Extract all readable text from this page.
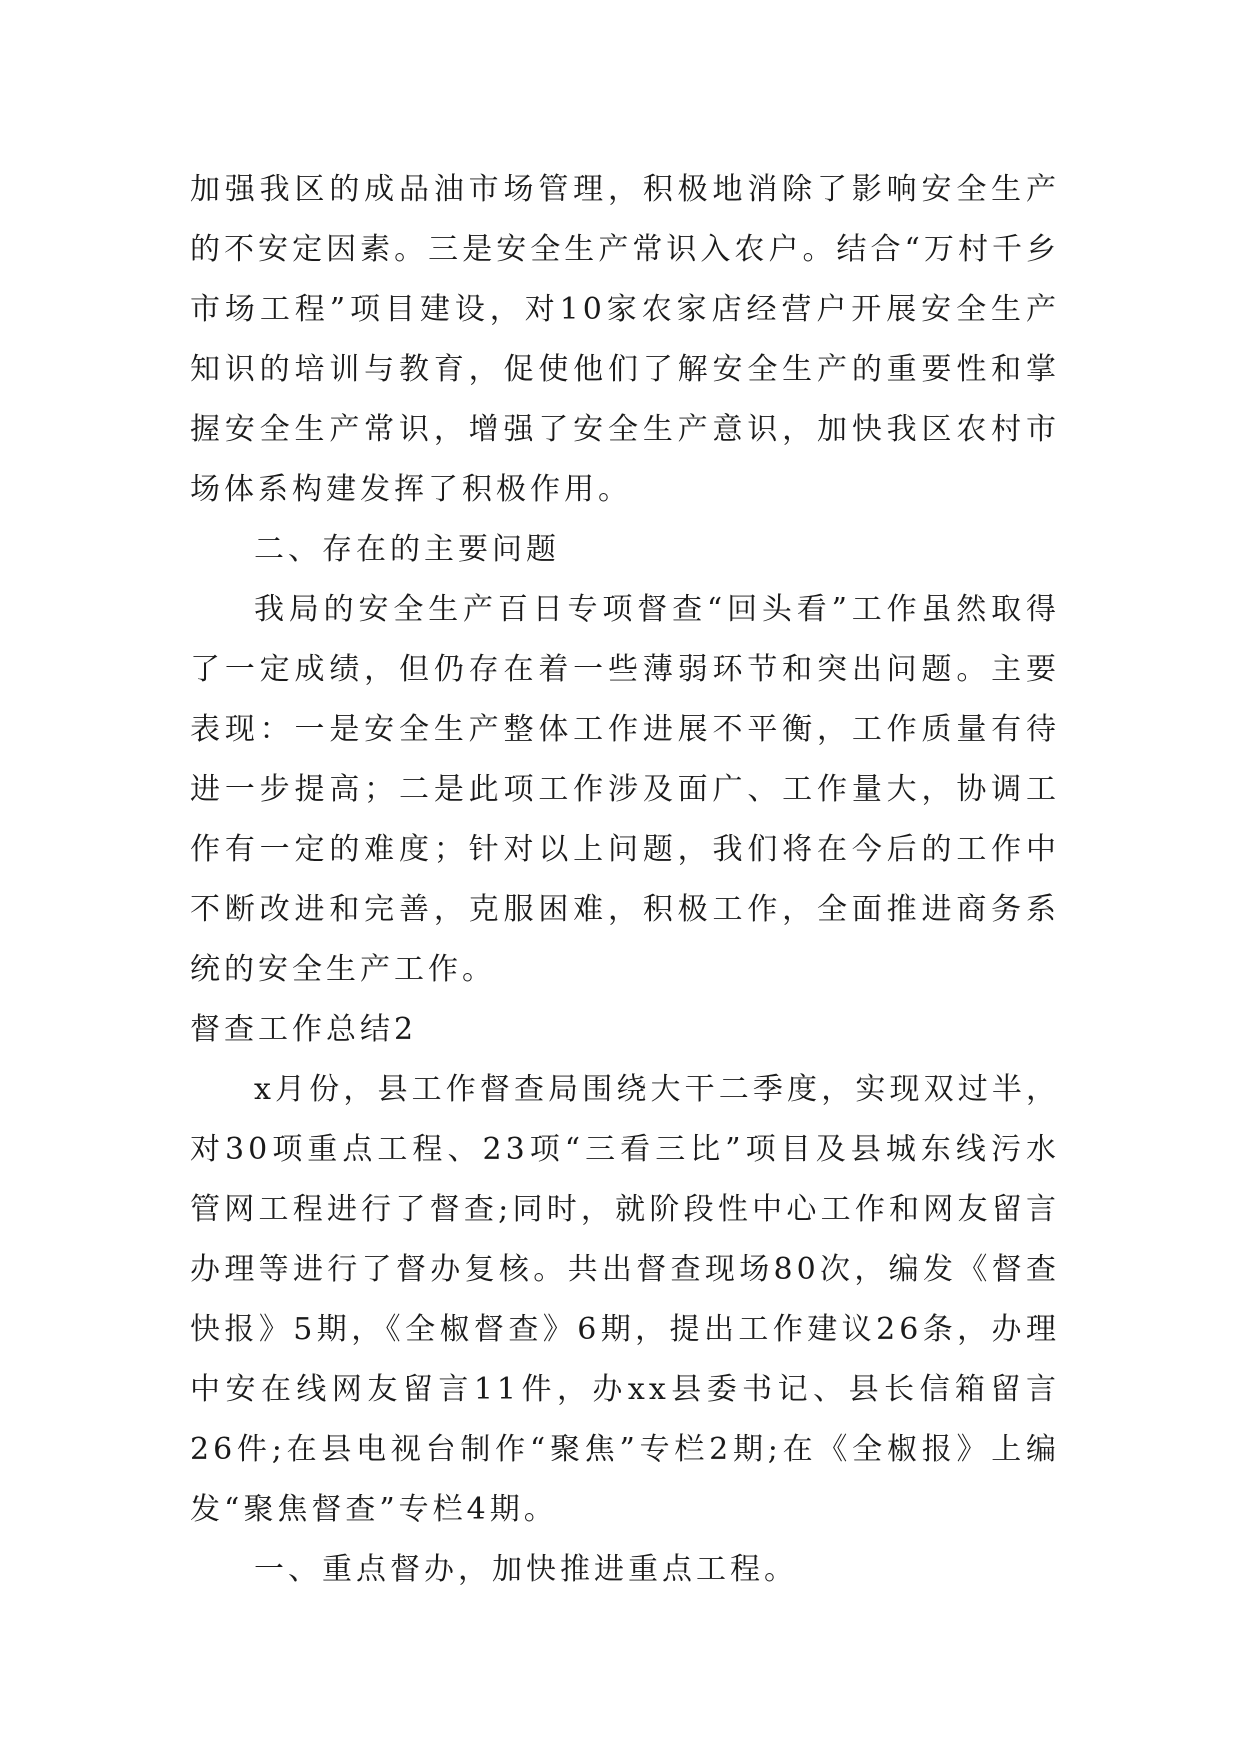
加强我区的成品油市场管理，积极地消除了影响安全生产的不安定因素。三是安全生产常识入农户。结合“万村千乡市场工程”项目建设，对10家农家店经营户开展安全生产知识的培训与教育，促使他们了解安全生产的重要性和掌握安全生产常识，增强了安全生产意识，加快我区农村市场体系构建发挥了积极作用。

二、存在的主要问题

我局的安全生产百日专项督查“回头看”工作虽然取得了一定成绩，但仍存在着一些薄弱环节和突出问题。主要表现：一是安全生产整体工作进展不平衡，工作质量有待进一步提高；二是此项工作涉及面广、工作量大，协调工作有一定的难度；针对以上问题，我们将在今后的工作中不断改进和完善，克服困难，积极工作，全面推进商务系统的安全生产工作。

督查工作总结2

x月份，县工作督查局围绕大干二季度，实现双过半，对30项重点工程、23项“三看三比”项目及县城东线污水管网工程进行了督查;同时，就阶段性中心工作和网友留言办理等进行了督办复核。共出督查现场80次，编发《督查快报》5期，《全椒督查》6期，提出工作建议26条，办理中安在线网友留言11件，办xx县委书记、县长信箱留言26件;在县电视台制作“聚焦”专栏2期;在《全椒报》上编发“聚焦督查”专栏4期。

一、重点督办，加快推进重点工程。
